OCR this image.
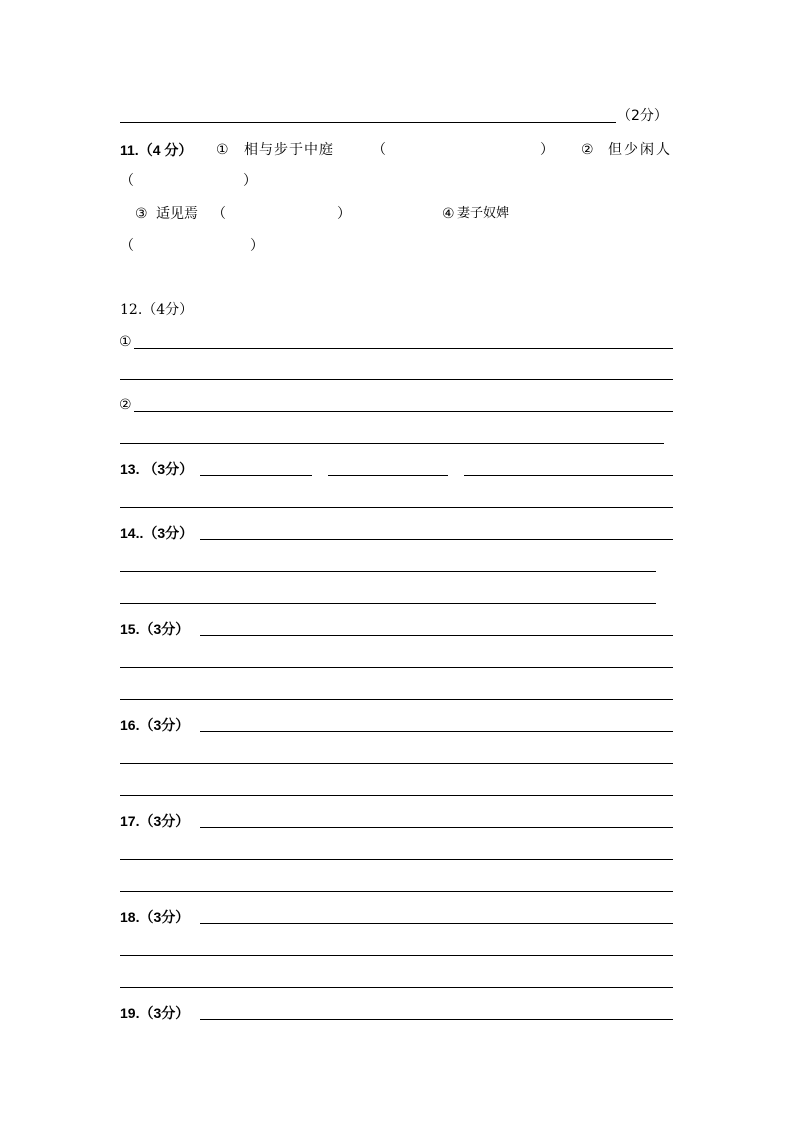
（2分）
11.（4 分） ① 相与步于中庭	（	） ② 但少闲人
（	）
③ 适见焉 （	）	④ 妻子奴婢
（	）
12.（4分）
①
②
13. （3分）
14..（3分）
15.（3分）
16.（3分）
17.（3分）
18.（3分）
19.（3分）
